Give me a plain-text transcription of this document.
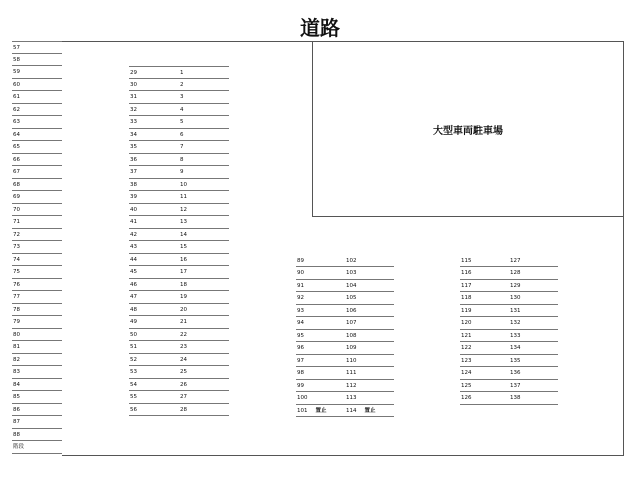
道路
大型車両駐車場
57
58
59
60
61
62
63
64
65
66
67
68
69
70
71
72
73
74
75
76
77
78
79
80
81
82
83
84
85
86
87
88
階段
29
30
31
32
33
34
35
36
37
38
39
40
41
42
43
44
45
46
47
48
49
50
51
52
53
54
55
56
1
2
3
4
5
6
7
8
9
10
11
12
13
14
15
16
17
18
19
20
21
22
23
24
25
26
27
28
89
90
91
92
93
94
95
96
97
98
99
100
101 置止
102
103
104
105
106
107
108
109
110
111
112
113
114 置止
115
116
117
118
119
120
121
122
123
124
125
126
127
128
129
130
131
132
133
134
135
136
137
138
